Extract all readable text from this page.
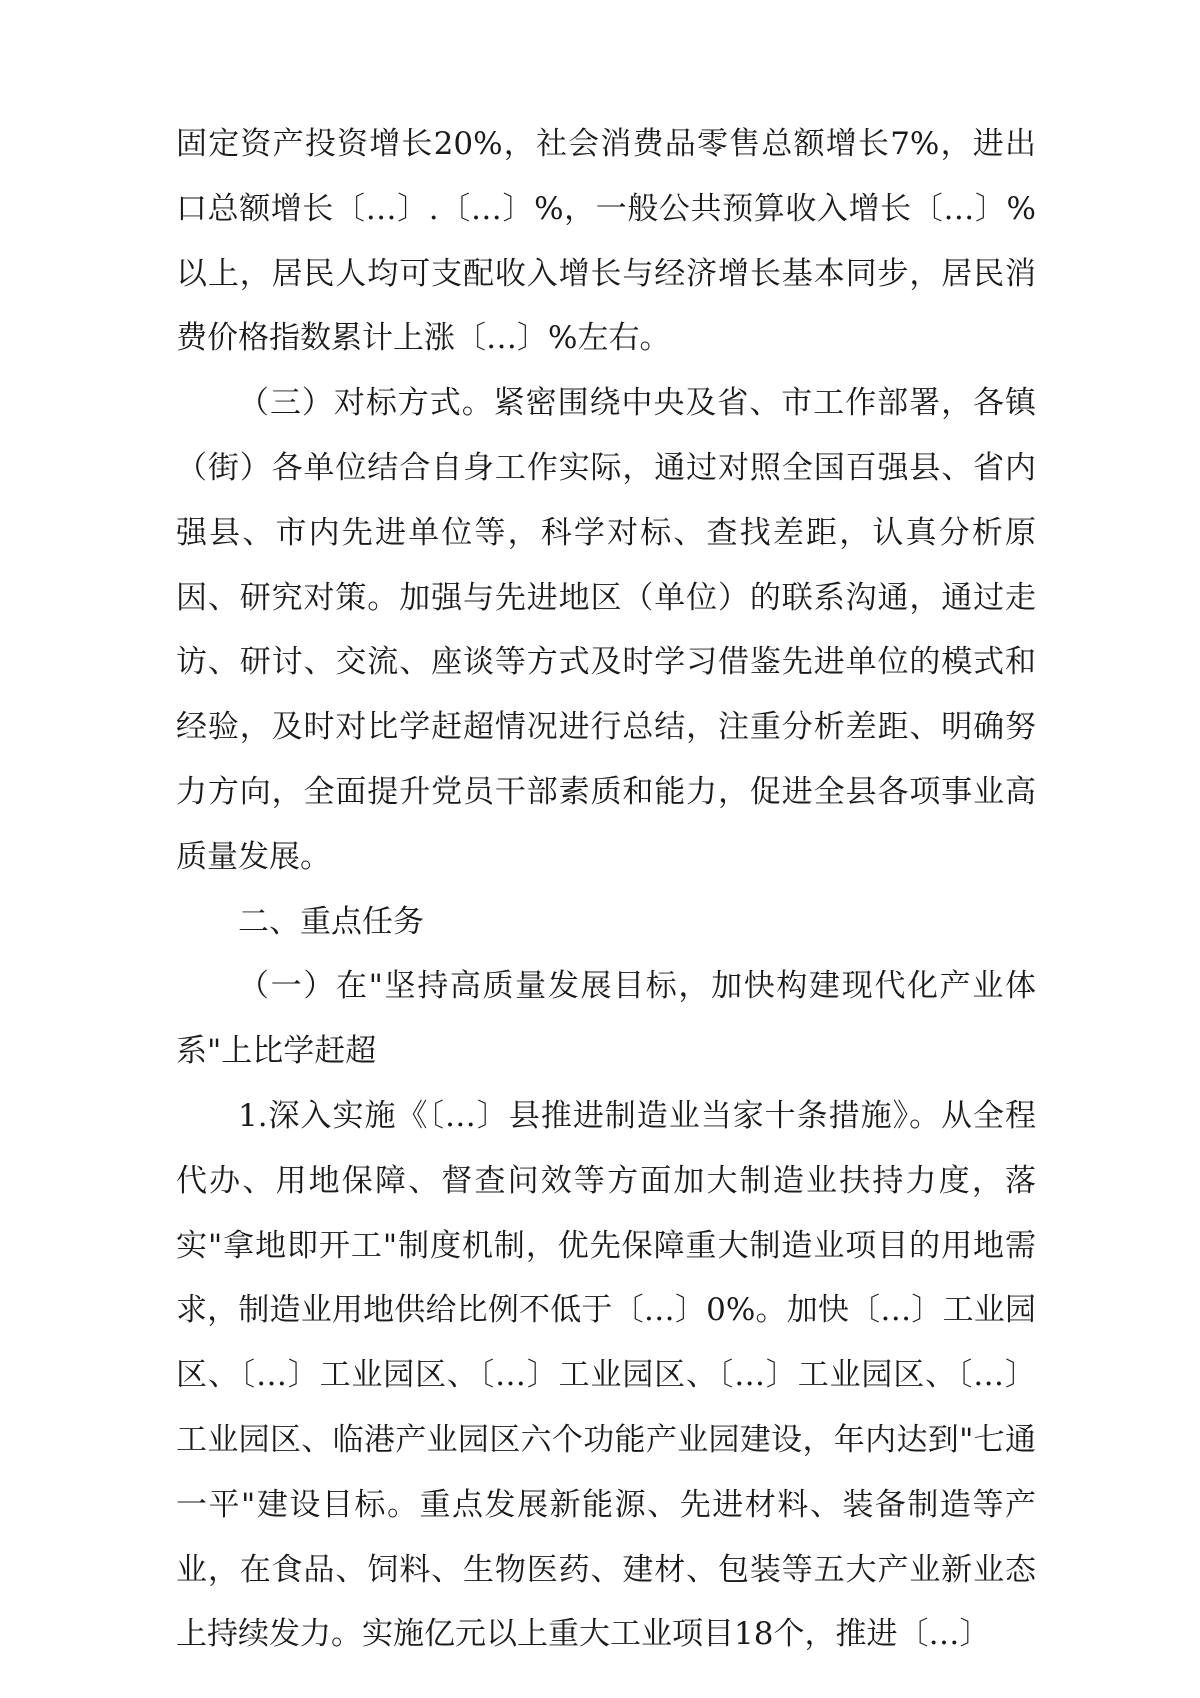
固定资产投资增长20%，社会消费品零售总额增长7%，进出口总额增长〔…〕.〔…〕%，一般公共预算收入增长〔…〕%以上，居民人均可支配收入增长与经济增长基本同步，居民消费价格指数累计上涨〔…〕%左右。

（三）对标方式。紧密围绕中央及省、市工作部署，各镇（街）各单位结合自身工作实际，通过对照全国百强县、省内强县、市内先进单位等，科学对标、查找差距，认真分析原因、研究对策。加强与先进地区（单位）的联系沟通，通过走访、研讨、交流、座谈等方式及时学习借鉴先进单位的模式和经验，及时对比学赶超情况进行总结，注重分析差距、明确努力方向，全面提升党员干部素质和能力，促进全县各项事业高质量发展。

二、重点任务

（一）在"坚持高质量发展目标，加快构建现代化产业体系"上比学赶超

1.深入实施《〔…〕县推进制造业当家十条措施》。从全程代办、用地保障、督查问效等方面加大制造业扶持力度，落实"拿地即开工"制度机制，优先保障重大制造业项目的用地需求，制造业用地供给比例不低于〔…〕0%。加快〔…〕工业园区、〔…〕工业园区、〔…〕工业园区、〔…〕工业园区、〔…〕工业园区、临港产业园区六个功能产业园建设，年内达到"七通一平"建设目标。重点发展新能源、先进材料、装备制造等产业，在食品、饲料、生物医药、建材、包装等五大产业新业态上持续发力。实施亿元以上重大工业项目18个，推进〔…〕
